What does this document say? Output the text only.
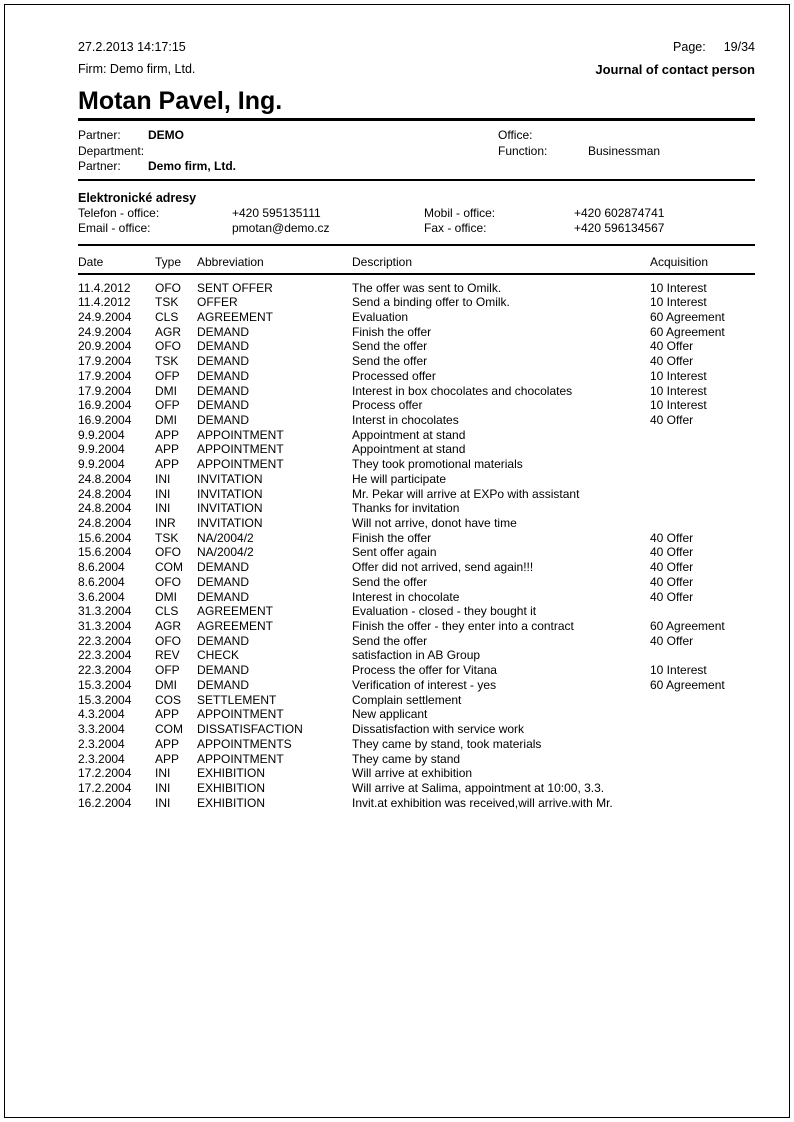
27.2.2013 14:17:15
Firm: Demo firm, Ltd.
Page: 19/34
Journal of contact person
Motan Pavel, Ing.
Partner: DEMO	Office:
Department:	Function:	Businessman
Partner: Demo firm, Ltd.
Elektronické adresy
Telefon - office:	+420 595135111	Mobil - office:	+420 602874741
Email - office:	pmotan@demo.cz	Fax - office:	+420 596134567
Date	Type Abbreviation	Description	Acquisition
11.4.2012 OFO SENT OFFER	The offer was sent to Omilk.	10 Interest
11.4.2012 TSK OFFER	Send a binding offer to Omilk.	10 Interest
24.9.2004 CLS AGREEMENT	Evaluation	60 Agreement
24.9.2004 AGR DEMAND	Finish the offer	60 Agreement
20.9.2004 OFO DEMAND	Send the offer	40 Offer
17.9.2004 TSK DEMAND	Send the offer	40 Offer
17.9.2004 OFP DEMAND	Processed offer	10 Interest
17.9.2004 DMI DEMAND	Interest in box chocolates and chocolates	10 Interest
16.9.2004 OFP DEMAND	Process offer	10 Interest
16.9.2004 DMI DEMAND	Interst in chocolates	40 Offer
9.9.2004	APP APPOINTMENT	Appointment at stand
9.9.2004	APP APPOINTMENT	Appointment at stand
9.9.2004	APP APPOINTMENT	They took promotional materials
24.8.2004 INI INVITATION	He will participate
24.8.2004 INI INVITATION	Mr. Pekar will arrive at EXPo with assistant
24.8.2004 INI INVITATION	Thanks for invitation
24.8.2004 INR INVITATION	Will not arrive, donot have time
15.6.2004 TSK NA/2004/2	Finish the offer	40 Offer
15.6.2004 OFO NA/2004/2	Sent offer again	40 Offer
8.6.2004	COM DEMAND	Offer did not arrived, send again!!!	40 Offer
8.6.2004	OFO DEMAND	Send the offer	40 Offer
3.6.2004	DMI DEMAND	Interest in chocolate	40 Offer
31.3.2004 CLS AGREEMENT	Evaluation - closed - they bought it
31.3.2004 AGR AGREEMENT	Finish the offer - they enter into a contract	60 Agreement
22.3.2004 OFO DEMAND	Send the offer	40 Offer
22.3.2004 REV CHECK	satisfaction in AB Group
22.3.2004 OFP DEMAND	Process the offer for Vitana	10 Interest
15.3.2004 DMI DEMAND	Verification of interest - yes	60 Agreement
15.3.2004 COS SETTLEMENT	Complain settlement
4.3.2004	APP APPOINTMENT	New applicant
3.3.2004	COM DISSATISFACTION	Dissatisfaction with service work
2.3.2004	APP APPOINTMENTS	They came by stand, took materials
2.3.2004	APP APPOINTMENT	They came by stand
17.2.2004 INI EXHIBITION	Will arrive at exhibition
17.2.2004 INI EXHIBITION	Will arrive at Salima, appointment at 10:00, 3.3.
16.2.2004 INI EXHIBITION	Invit.at exhibition was received,will arrive.with Mr.
